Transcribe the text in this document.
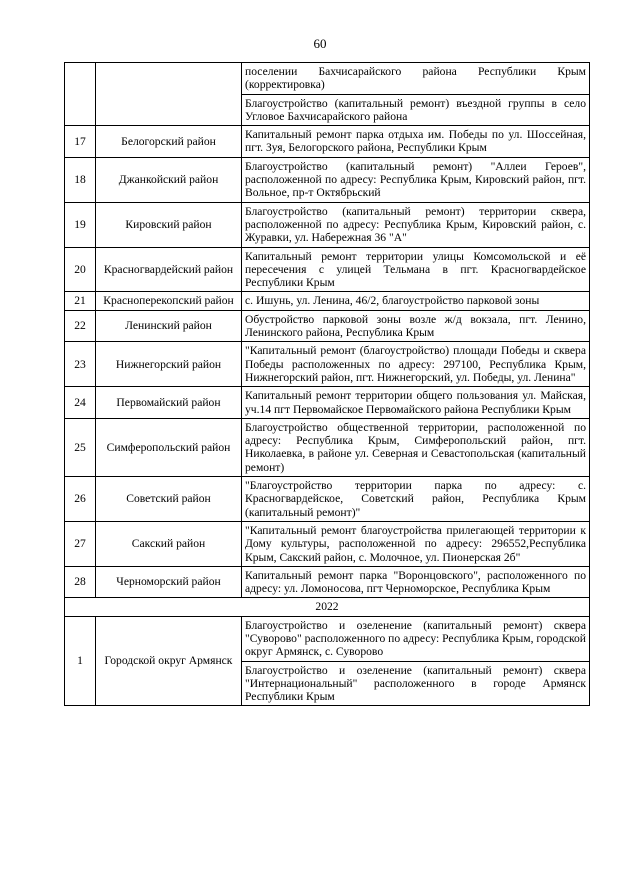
60
		поселении Бахчисарайского района Республики Крым (корректировка)
		Благоустройство (капитальный ремонт) въездной группы в село Угловое Бахчисарайского района
17	Белогорский район	Капитальный ремонт парка отдыха им. Победы по ул. Шоссейная, пгт. Зуя, Белогорского района, Республики Крым
18	Джанкойский район	Благоустройство (капитальный ремонт) "Аллеи Героев", расположенной по адресу: Республика Крым, Кировский район, пгт. Вольное, пр-т Октябрьский
19	Кировский район	Благоустройство (капитальный ремонт) территории сквера, расположенной по адресу: Республика Крым, Кировский район, с. Журавки, ул. Набережная 36 "А"
20	Красногвардейский район	Капитальный ремонт территории улицы Комсомольской и её пересечения с улицей Тельмана в пгт. Красногвардейское Республики Крым
21	Красноперекопский район	с. Ишунь, ул. Ленина, 46/2, благоустройство парковой зоны
22	Ленинский район	Обустройство парковой зоны возле ж/д вокзала, пгт. Ленино, Ленинского района, Республика Крым
23	Нижнегорский район	"Капитальный ремонт (благоустройство) площади Победы и сквера Победы расположенных по адресу: 297100, Республика Крым, Нижнегорский район, пгт. Нижнегорский, ул. Победы, ул. Ленина"
24	Первомайский район	Капитальный ремонт территории общего пользования ул. Майская, уч.14 пгт Первомайское Первомайского района Республики Крым
25	Симферопольский район	Благоустройство общественной территории, расположенной по адресу: Республика Крым, Симферопольский район, пгт. Николаевка, в районе ул. Северная и Севастопольская (капитальный ремонт)
26	Советский район	"Благоустройство территории парка по адресу: с. Красногвардейское, Советский район, Республика Крым (капитальный ремонт)"
27	Сакский район	"Капитальный ремонт благоустройства прилегающей территории к Дому культуры, расположенной по адресу: 296552,Республика Крым, Сакский район, с. Молочное, ул. Пионерская 2б"
28	Черноморский район	Капитальный ремонт парка "Воронцовского", расположенного по адресу: ул. Ломоносова, пгт Черноморское, Республика Крым
2022		
1	Городской округ Армянск	Благоустройство и озеленение (капитальный ремонт) сквера "Суворово" расположенного по адресу: Республика Крым, городской округ Армянск, с. Суворово
		Благоустройство и озеленение (капитальный ремонт) сквера "Интернациональный" расположенного в городе Армянск Республики Крым
